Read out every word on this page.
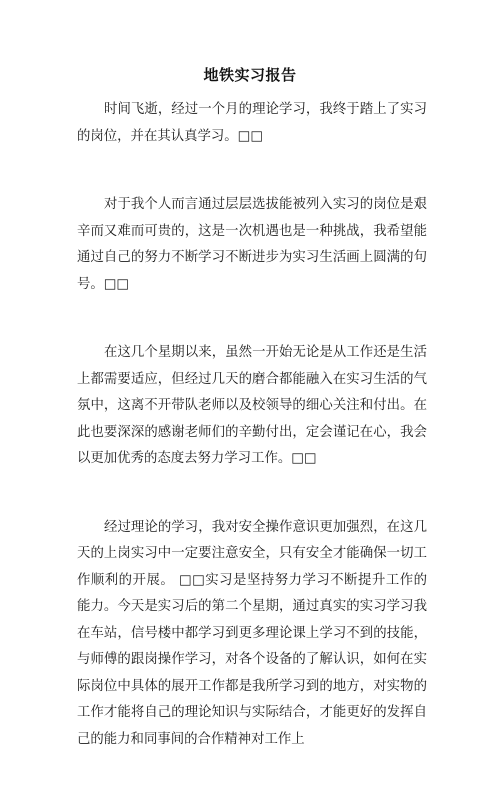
地铁实习报告

时间飞逝，经过一个月的理论学习，我终于踏上了实习的岗位，并在其认真学习。□□

对于我个人而言通过层层选拔能被列入实习的岗位是艰辛而又难而可贵的，这是一次机遇也是一种挑战，我希望能通过自己的努力不断学习不断进步为实习生活画上圆满的句号。□□

在这几个星期以来，虽然一开始无论是从工作还是生活上都需要适应，但经过几天的磨合都能融入在实习生活的气氛中，这离不开带队老师以及校领导的细心关注和付出。在此也要深深的感谢老师们的辛勤付出，定会谨记在心，我会以更加优秀的态度去努力学习工作。□□

经过理论的学习，我对安全操作意识更加强烈，在这几天的上岗实习中一定要注意安全，只有安全才能确保一切工作顺利的开展。 □□实习是坚持努力学习不断提升工作的能力。今天是实习后的第二个星期，通过真实的实习学习我在车站，信号楼中都学习到更多理论课上学习不到的技能，与师傅的跟岗操作学习，对各个设备的了解认识，如何在实际岗位中具体的展开工作都是我所学习到的地方，对实物的工作才能将自己的理论知识与实际结合，才能更好的发挥自己的能力和同事间的合作精神对工作上
